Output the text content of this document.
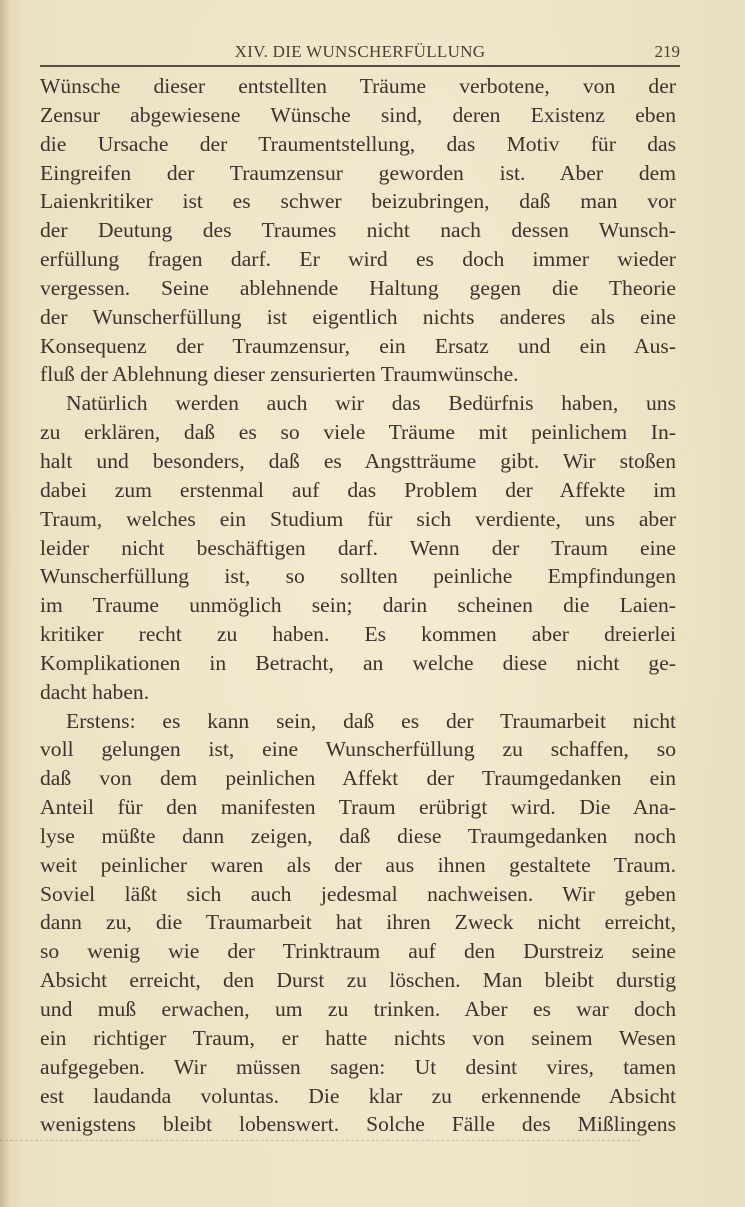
XIV. DIE WUNSCHERFÜLLUNG	219
Wünsche dieser entstellten Träume verbotene, von der
Zensur abgewiesene Wünsche sind, deren Existenz eben
die Ursache der Traumentstellung, das Motiv für das
Eingreifen der Traumzensur geworden ist. Aber dem
Laienkritiker ist es schwer beizubringen, daß man vor
der Deutung des Traumes nicht nach dessen Wunsch-
erfüllung fragen darf. Er wird es doch immer wieder
vergessen. Seine ablehnende Haltung gegen die Theorie
der Wunscherfüllung ist eigentlich nichts anderes als eine
Konsequenz der Traumzensur, ein Ersatz und ein Aus-
fluß der Ablehnung dieser zensurierten Traumwünsche.
Natürlich werden auch wir das Bedürfnis haben, uns
zu erklären, daß es so viele Träume mit peinlichem In-
halt und besonders, daß es Angstträume gibt. Wir stoßen
dabei zum erstenmal auf das Problem der Affekte im
Traum, welches ein Studium für sich verdiente, uns aber
leider nicht beschäftigen darf. Wenn der Traum eine
Wunscherfüllung ist, so sollten peinliche Empfindungen
im Traume unmöglich sein; darin scheinen die Laien-
kritiker recht zu haben. Es kommen aber dreierlei
Komplikationen in Betracht, an welche diese nicht ge-
dacht haben.
Erstens: es kann sein, daß es der Traumarbeit nicht
voll gelungen ist, eine Wunscherfüllung zu schaffen, so
daß von dem peinlichen Affekt der Traumgedanken ein
Anteil für den manifesten Traum erübrigt wird. Die Ana-
lyse müßte dann zeigen, daß diese Traumgedanken noch
weit peinlicher waren als der aus ihnen gestaltete Traum.
Soviel läßt sich auch jedesmal nachweisen. Wir geben
dann zu, die Traumarbeit hat ihren Zweck nicht erreicht,
so wenig wie der Trinktraum auf den Durstreiz seine
Absicht erreicht, den Durst zu löschen. Man bleibt durstig
und muß erwachen, um zu trinken. Aber es war doch
ein richtiger Traum, er hatte nichts von seinem Wesen
aufgegeben. Wir müssen sagen: Ut desint vires, tamen
est laudanda voluntas. Die klar zu erkennende Absicht
wenigstens bleibt lobenswert. Solche Fälle des Mißlingens
